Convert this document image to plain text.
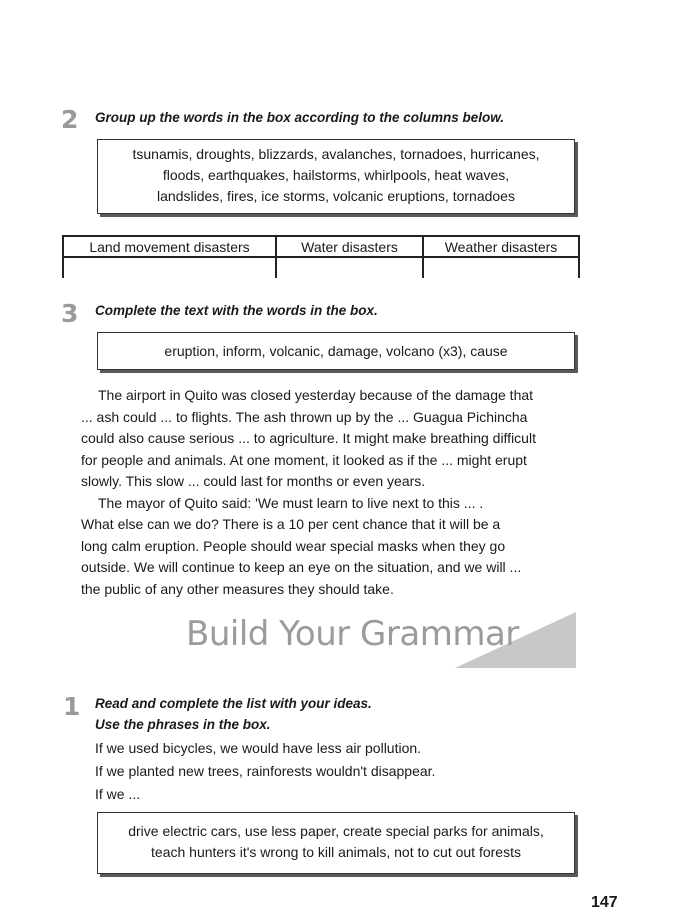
2 Group up the words in the box according to the columns below.
tsunamis, droughts, blizzards, avalanches, tornadoes, hurricanes,
floods, earthquakes, hailstorms, whirlpools, heat waves,
landslides, fires, ice storms, volcanic eruptions, tornadoes
Land movement disasters	Water disasters	Weather disasters

3 Complete the text with the words in the box.
eruption, inform, volcanic, damage, volcano (x3), cause

The airport in Quito was closed yesterday because of the damage that

... ash could ... to flights. The ash thrown up by the ... Guagua Pichincha

could also cause serious ... to agriculture. It might make breathing difficult

for people and animals. At one moment, it looked as if the ... might erupt

slowly. This slow ... could last for months or even years.

The mayor of Quito said: 'We must learn to live next to this ... .

What else can we do? There is a 10 per cent chance that it will be a

long calm eruption. People should wear special masks when they go

outside. We will continue to keep an eye on the situation, and we will ...

the public of any other measures they should take.

Build Your Grammar
1 Read and complete the list with your ideas.
Use the phrases in the box.

If we used bicycles, we would have less air pollution.

If we planted new trees, rainforests wouldn't disappear.

If we ...

drive electric cars, use less paper, create special parks for animals,
teach hunters it's wrong to kill animals, not to cut out forests
147
